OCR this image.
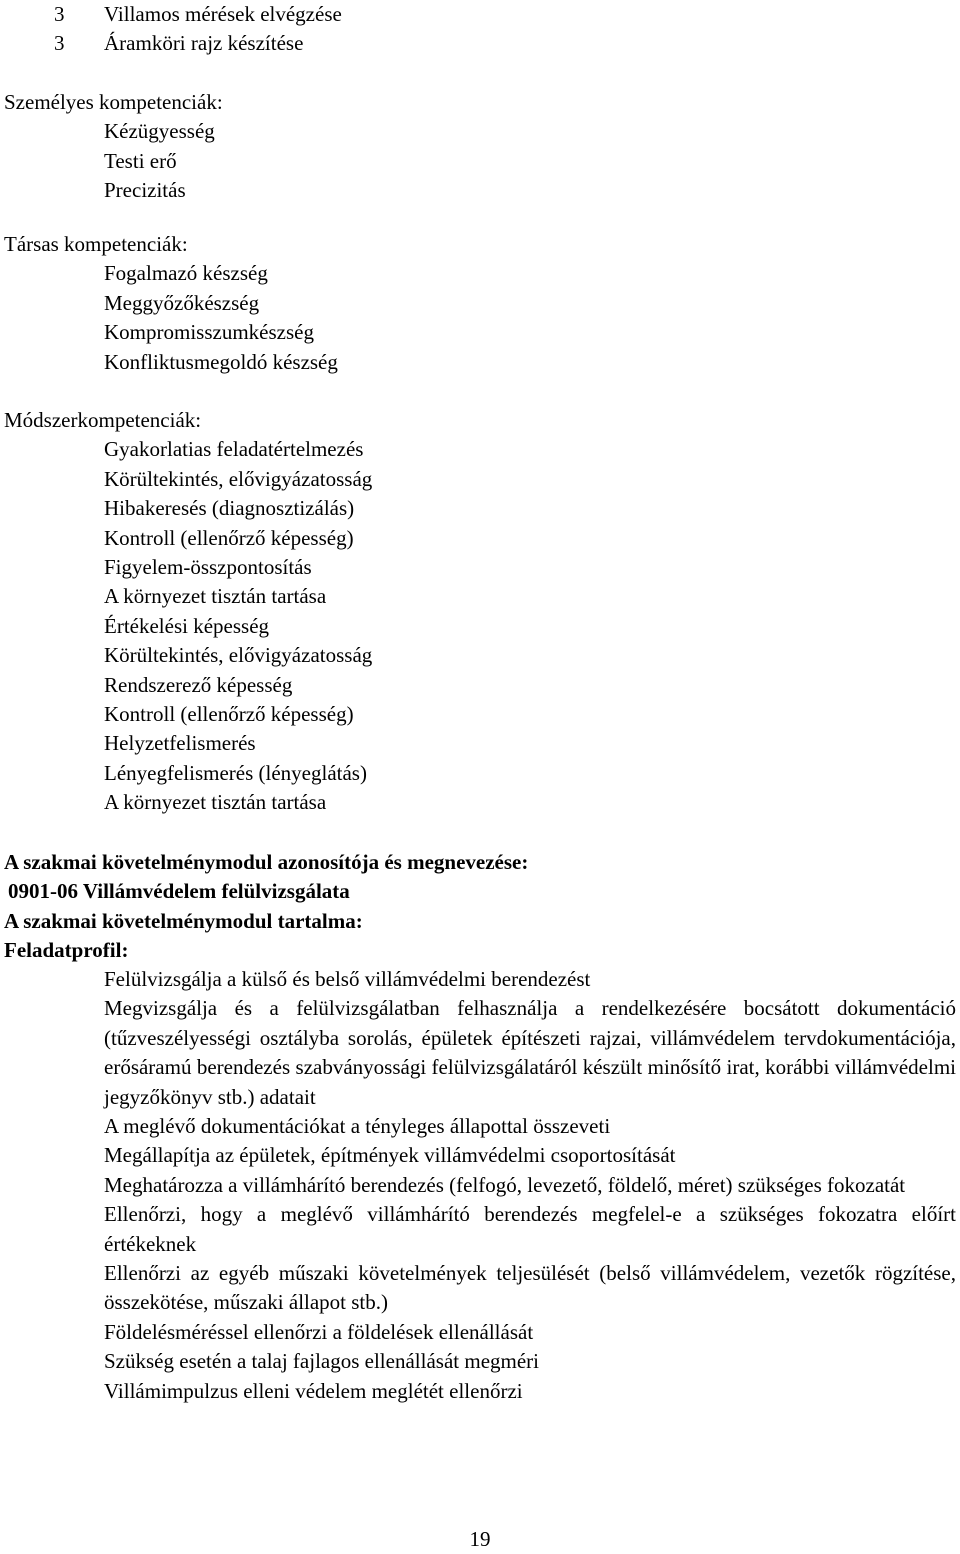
3 Villamos mérések elvégzése
3 Áramköri rajz készítése
Személyes kompetenciák:
Kézügyesség
Testi erő
Precizitás
Társas kompetenciák:
Fogalmazó készség
Meggyőzőkészség
Kompromisszumkészség
Konfliktusmegoldó készség
Módszerkompetenciák:
Gyakorlatias feladatértelmezés
Körültekintés, elővigyázatosság
Hibakeresés (diagnosztizálás)
Kontroll (ellenőrző képesség)
Figyelem-összpontosítás
A környezet tisztán tartása
Értékelési képesség
Körültekintés, elővigyázatosság
Rendszerező képesség
Kontroll (ellenőrző képesség)
Helyzetfelismerés
Lényegfelismerés (lényeglátás)
A környezet tisztán tartása
A szakmai követelménymodul azonosítója és megnevezése:
0901-06 Villámvédelem felülvizsgálata
A szakmai követelménymodul tartalma:
Feladatprofil:
Felülvizsgálja a külső és belső villámvédelmi berendezést
Megvizsgálja és a felülvizsgálatban felhasználja a rendelkezésére bocsátott dokumentáció (tűzveszélyességi osztályba sorolás, épületek építészeti rajzai, villámvédelem tervdokumentációja, erősáramú berendezés szabványossági felülvizsgálatáról készült minősítő irat, korábbi villámvédelmi jegyzőkönyv stb.) adatait
A meglévő dokumentációkat a tényleges állapottal összeveti
Megállapítja az épületek, építmények villámvédelmi csoportosítását
Meghatározza a villámhárító berendezés (felfogó, levezető, földelő, méret) szükséges fokozatát
Ellenőrzi, hogy a meglévő villámhárító berendezés megfelel-e a szükséges fokozatra előírt értékeknek
Ellenőrzi az egyéb műszaki követelmények teljesülését (belső villámvédelem, vezetők rögzítése, összekötése, műszaki állapot stb.)
Földelésméréssel ellenőrzi a földelések ellenállását
Szükség esetén a talaj fajlagos ellenállását megméri
Villámimpulzus elleni védelem meglétét ellenőrzi
19
